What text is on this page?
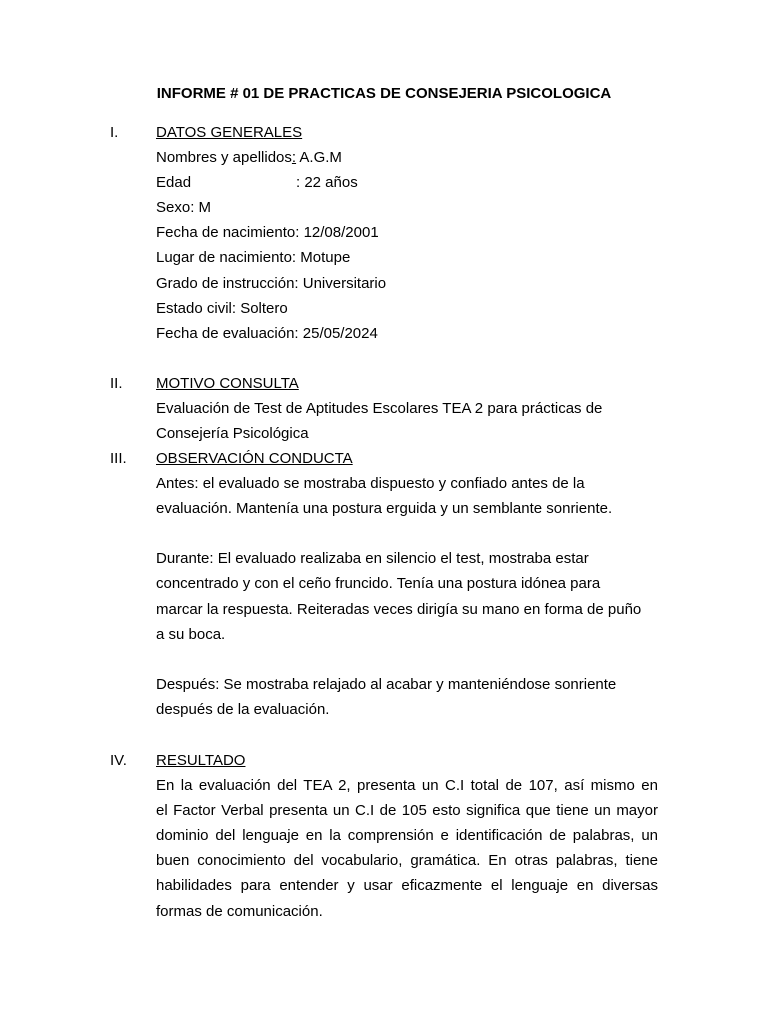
INFORME # 01 DE PRACTICAS DE CONSEJERIA PSICOLOGICA
I.	DATOS GENERALES
Nombres y apellidos: A.G.M
Edad	: 22 años
Sexo: M
Fecha de nacimiento: 12/08/2001
Lugar de nacimiento: Motupe
Grado de instrucción: Universitario
Estado civil: Soltero
Fecha de evaluación: 25/05/2024
II.	MOTIVO CONSULTA
Evaluación de Test de Aptitudes Escolares TEA 2 para prácticas de
Consejería Psicológica
III.	OBSERVACIÓN CONDUCTA
Antes: el evaluado se mostraba dispuesto y confiado antes de la
evaluación. Mantenía una postura erguida y un semblante sonriente.
Durante: El evaluado realizaba en silencio el test, mostraba estar
concentrado y con el ceño fruncido. Tenía una postura idónea para
marcar la respuesta. Reiteradas veces dirigía su mano en forma de puño
a su boca.
Después: Se mostraba relajado al acabar y manteniéndose sonriente
después de la evaluación.
IV.	RESULTADO
En la evaluación del TEA 2, presenta un C.I total de 107, así mismo en
el Factor Verbal presenta un C.I de 105 esto significa que tiene un mayor
dominio del lenguaje en la comprensión e identificación de palabras, un
buen conocimiento del vocabulario, gramática. En otras palabras, tiene
habilidades para entender y usar eficazmente el lenguaje en diversas
formas de comunicación.
